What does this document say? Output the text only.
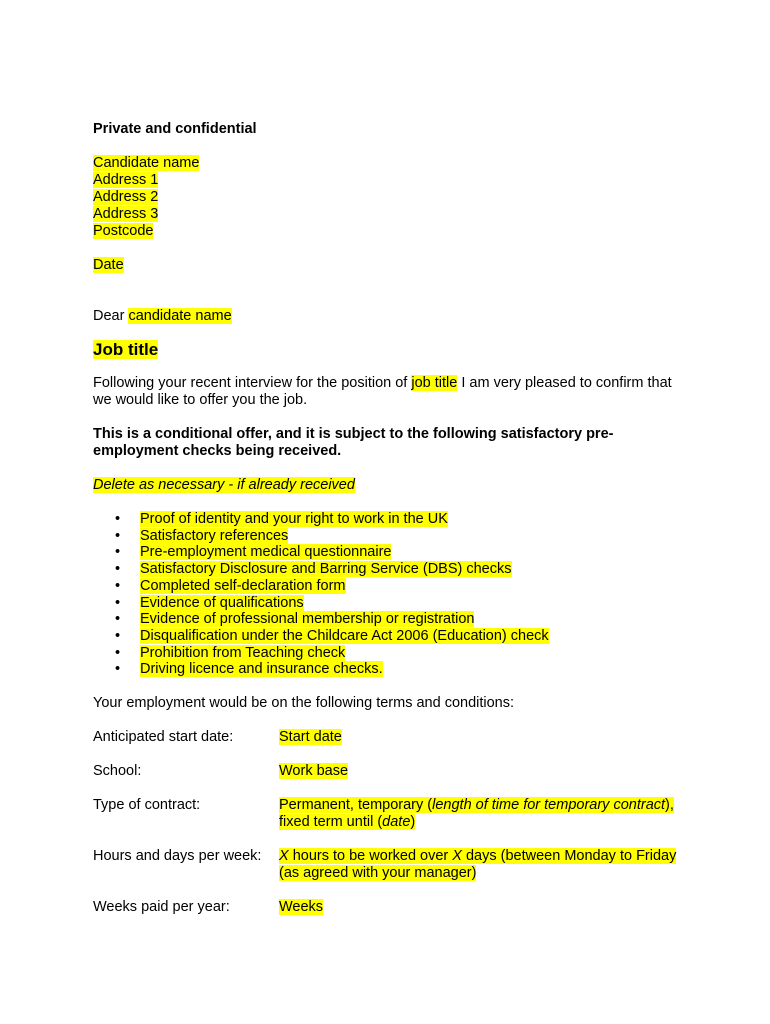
Private and confidential

Candidate name
Address 1
Address 2
Address 3
Postcode

Date

Dear candidate name

Job title

Following your recent interview for the position of job title I am very pleased to confirm that we would like to offer you the job.

This is a conditional offer, and it is subject to the following satisfactory pre-employment checks being received.

Delete as necessary - if already received

• Proof of identity and your right to work in the UK
• Satisfactory references
• Pre-employment medical questionnaire
• Satisfactory Disclosure and Barring Service (DBS) checks
• Completed self-declaration form
• Evidence of qualifications
• Evidence of professional membership or registration
• Disqualification under the Childcare Act 2006 (Education) check
• Prohibition from Teaching check
• Driving licence and insurance checks.

Your employment would be on the following terms and conditions:

Anticipated start date:	Start date
School:	Work base
Type of contract:	Permanent, temporary (length of time for temporary contract), fixed term until (date)
Hours and days per week:	X hours to be worked over X days (between Monday to Friday (as agreed with your manager)
Weeks paid per year:	Weeks
